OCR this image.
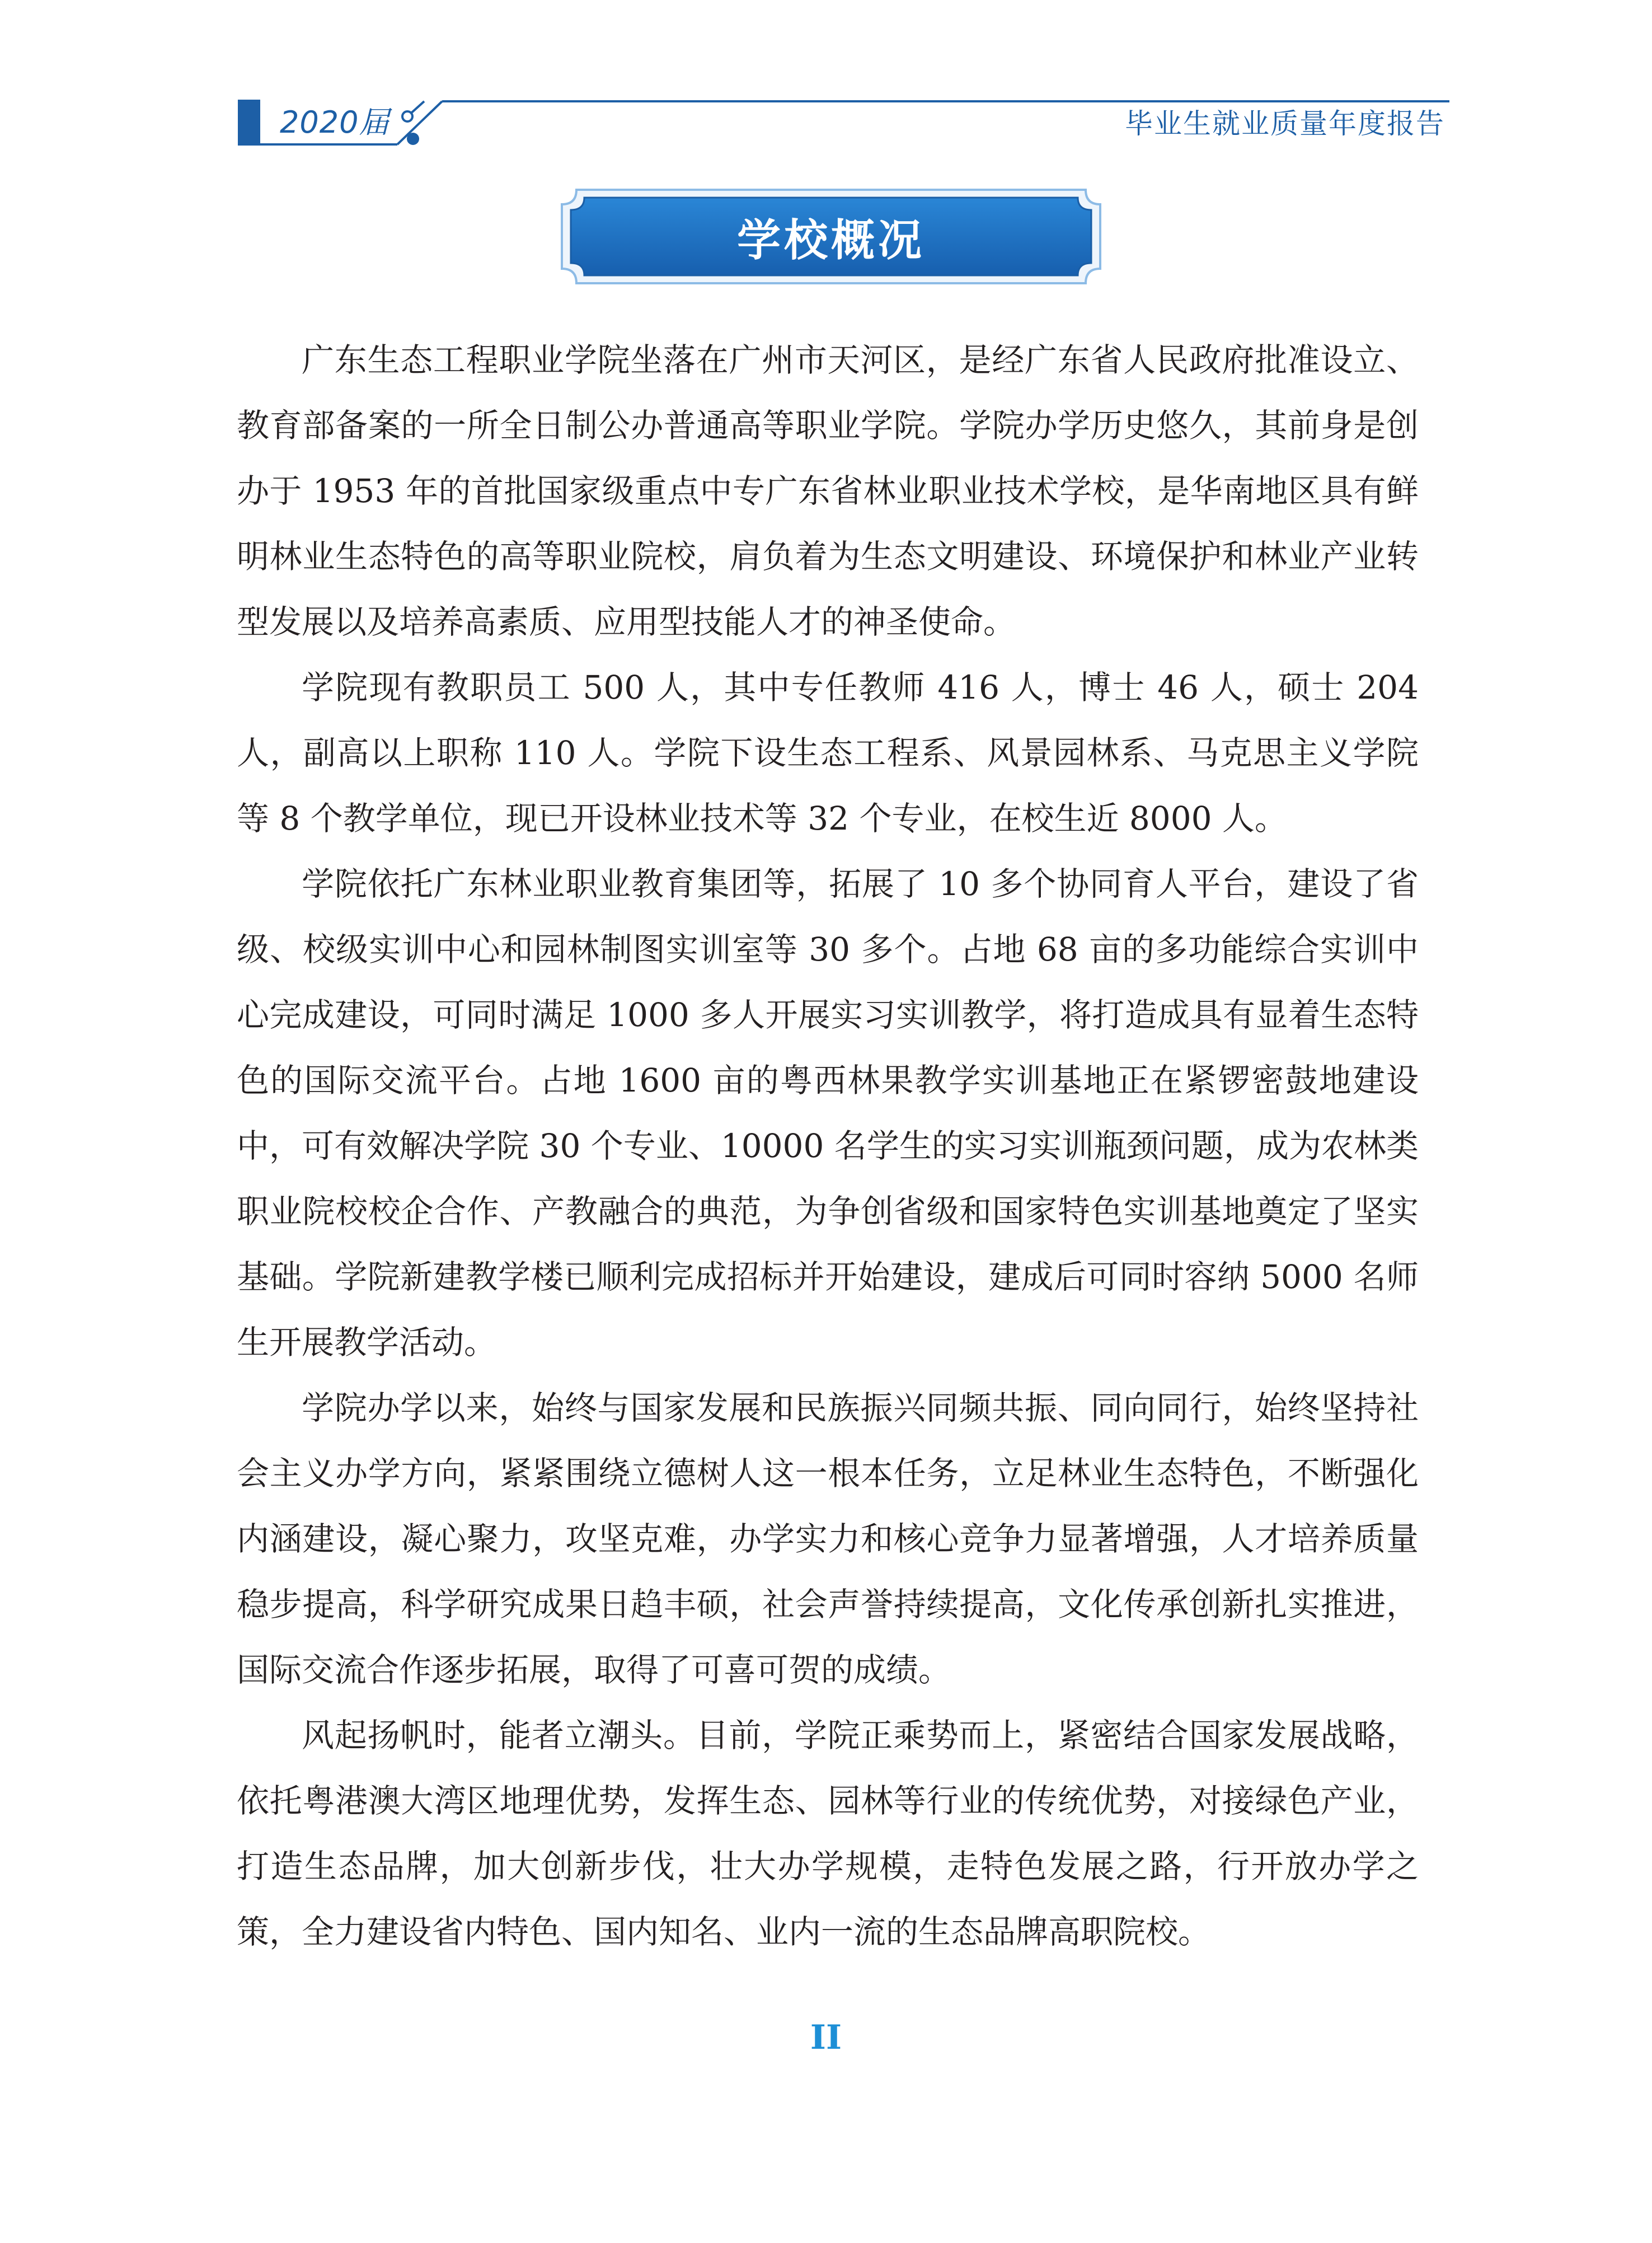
2020届	毕业生就业质量年度报告
学校概况

广东生态工程职业学院坐落在广州市天河区，是经广东省人民政府批准设立、教育部备案的一所全日制公办普通高等职业学院。学院办学历史悠久，其前身是创办于 1953 年的首批国家级重点中专广东省林业职业技术学校，是华南地区具有鲜明林业生态特色的高等职业院校，肩负着为生态文明建设、环境保护和林业产业转型发展以及培养高素质、应用型技能人才的神圣使命。

学院现有教职员工 500 人，其中专任教师 416 人，博士 46 人，硕士 204 人，副高以上职称 110 人。学院下设生态工程系、风景园林系、马克思主义学院等 8 个教学单位，现已开设林业技术等 32 个专业，在校生近 8000 人。

学院依托广东林业职业教育集团等，拓展了 10 多个协同育人平台，建设了省级、校级实训中心和园林制图实训室等 30 多个。占地 68 亩的多功能综合实训中心完成建设，可同时满足 1000 多人开展实习实训教学，将打造成具有显着生态特色的国际交流平台。占地 1600 亩的粤西林果教学实训基地正在紧锣密鼓地建设中，可有效解决学院 30 个专业、10000 名学生的实习实训瓶颈问题，成为农林类职业院校校企合作、产教融合的典范，为争创省级和国家特色实训基地奠定了坚实基础。学院新建教学楼已顺利完成招标并开始建设，建成后可同时容纳 5000 名师生开展教学活动。

学院办学以来，始终与国家发展和民族振兴同频共振、同向同行，始终坚持社会主义办学方向，紧紧围绕立德树人这一根本任务，立足林业生态特色，不断强化内涵建设，凝心聚力，攻坚克难，办学实力和核心竞争力显著增强，人才培养质量稳步提高，科学研究成果日趋丰硕，社会声誉持续提高，文化传承创新扎实推进，国际交流合作逐步拓展，取得了可喜可贺的成绩。

风起扬帆时，能者立潮头。目前，学院正乘势而上，紧密结合国家发展战略，依托粤港澳大湾区地理优势，发挥生态、园林等行业的传统优势，对接绿色产业，打造生态品牌，加大创新步伐，壮大办学规模，走特色发展之路，行开放办学之策，全力建设省内特色、国内知名、业内一流的生态品牌高职院校。

II
